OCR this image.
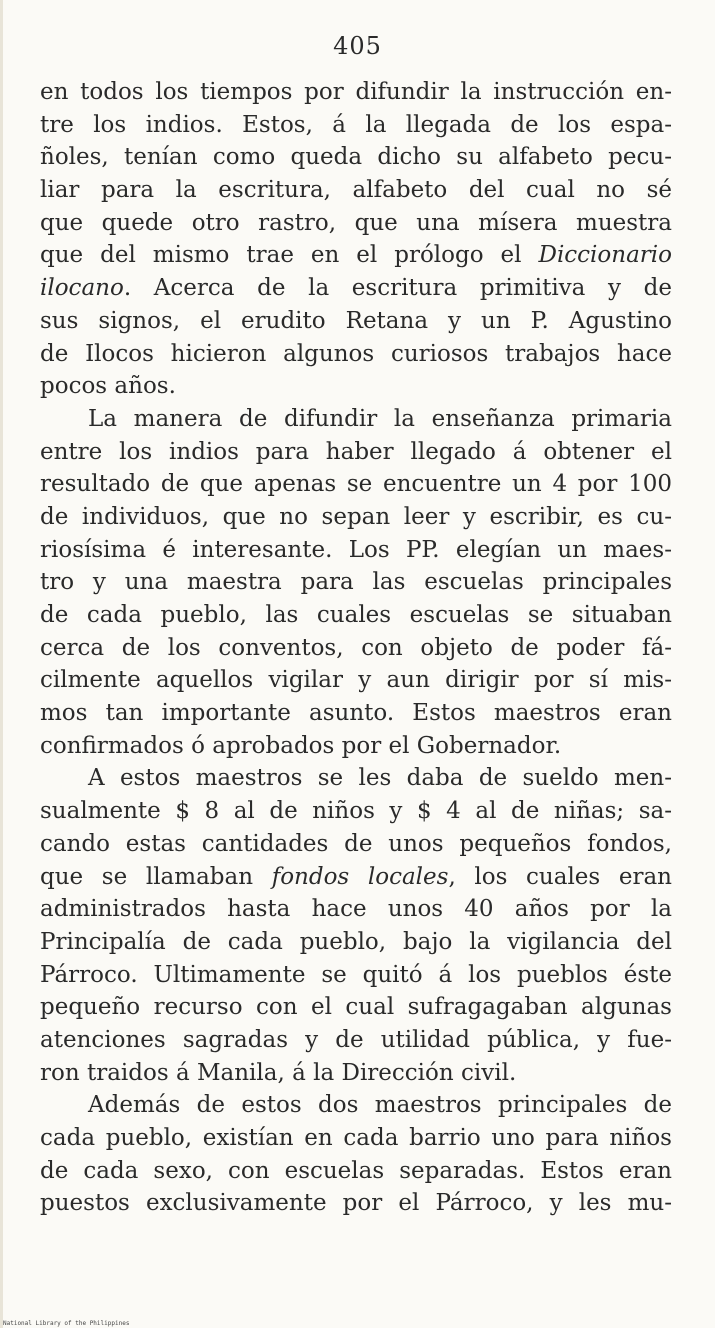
405
en todos los tiempos por difundir la instrucción en-
tre los indios. Estos, á la llegada de los espa-
ñoles, tenían como queda dicho su alfabeto pecu-
liar para la escritura, alfabeto del cual no sé
que quede otro rastro, que una mísera muestra
que del mismo trae en el prólogo el Diccionario
ilocano. Acerca de la escritura primitiva y de
sus signos, el erudito Retana y un P. Agustino
de Ilocos hicieron algunos curiosos trabajos hace
pocos años.
La manera de difundir la enseñanza primaria
entre los indios para haber llegado á obtener el
resultado de que apenas se encuentre un 4 por 100
de individuos, que no sepan leer y escribir, es cu-
riosísima é interesante. Los PP. elegían un maes-
tro y una maestra para las escuelas principales
de cada pueblo, las cuales escuelas se situaban
cerca de los conventos, con objeto de poder fá-
cilmente aquellos vigilar y aun dirigir por sí mis-
mos tan importante asunto. Estos maestros eran
confirmados ó aprobados por el Gobernador.
A estos maestros se les daba de sueldo men-
sualmente $ 8 al de niños y $ 4 al de niñas; sa-
cando estas cantidades de unos pequeños fondos,
que se llamaban fondos locales, los cuales eran
administrados hasta hace unos 40 años por la
Principalía de cada pueblo, bajo la vigilancia del
Párroco. Ultimamente se quitó á los pueblos éste
pequeño recurso con el cual sufragagaban algunas
atenciones sagradas y de utilidad pública, y fue-
ron traidos á Manila, á la Dirección civil.
Además de estos dos maestros principales de
cada pueblo, existían en cada barrio uno para niños
de cada sexo, con escuelas separadas. Estos eran
puestos exclusivamente por el Párroco, y les mu-
National Library of the Philippines
